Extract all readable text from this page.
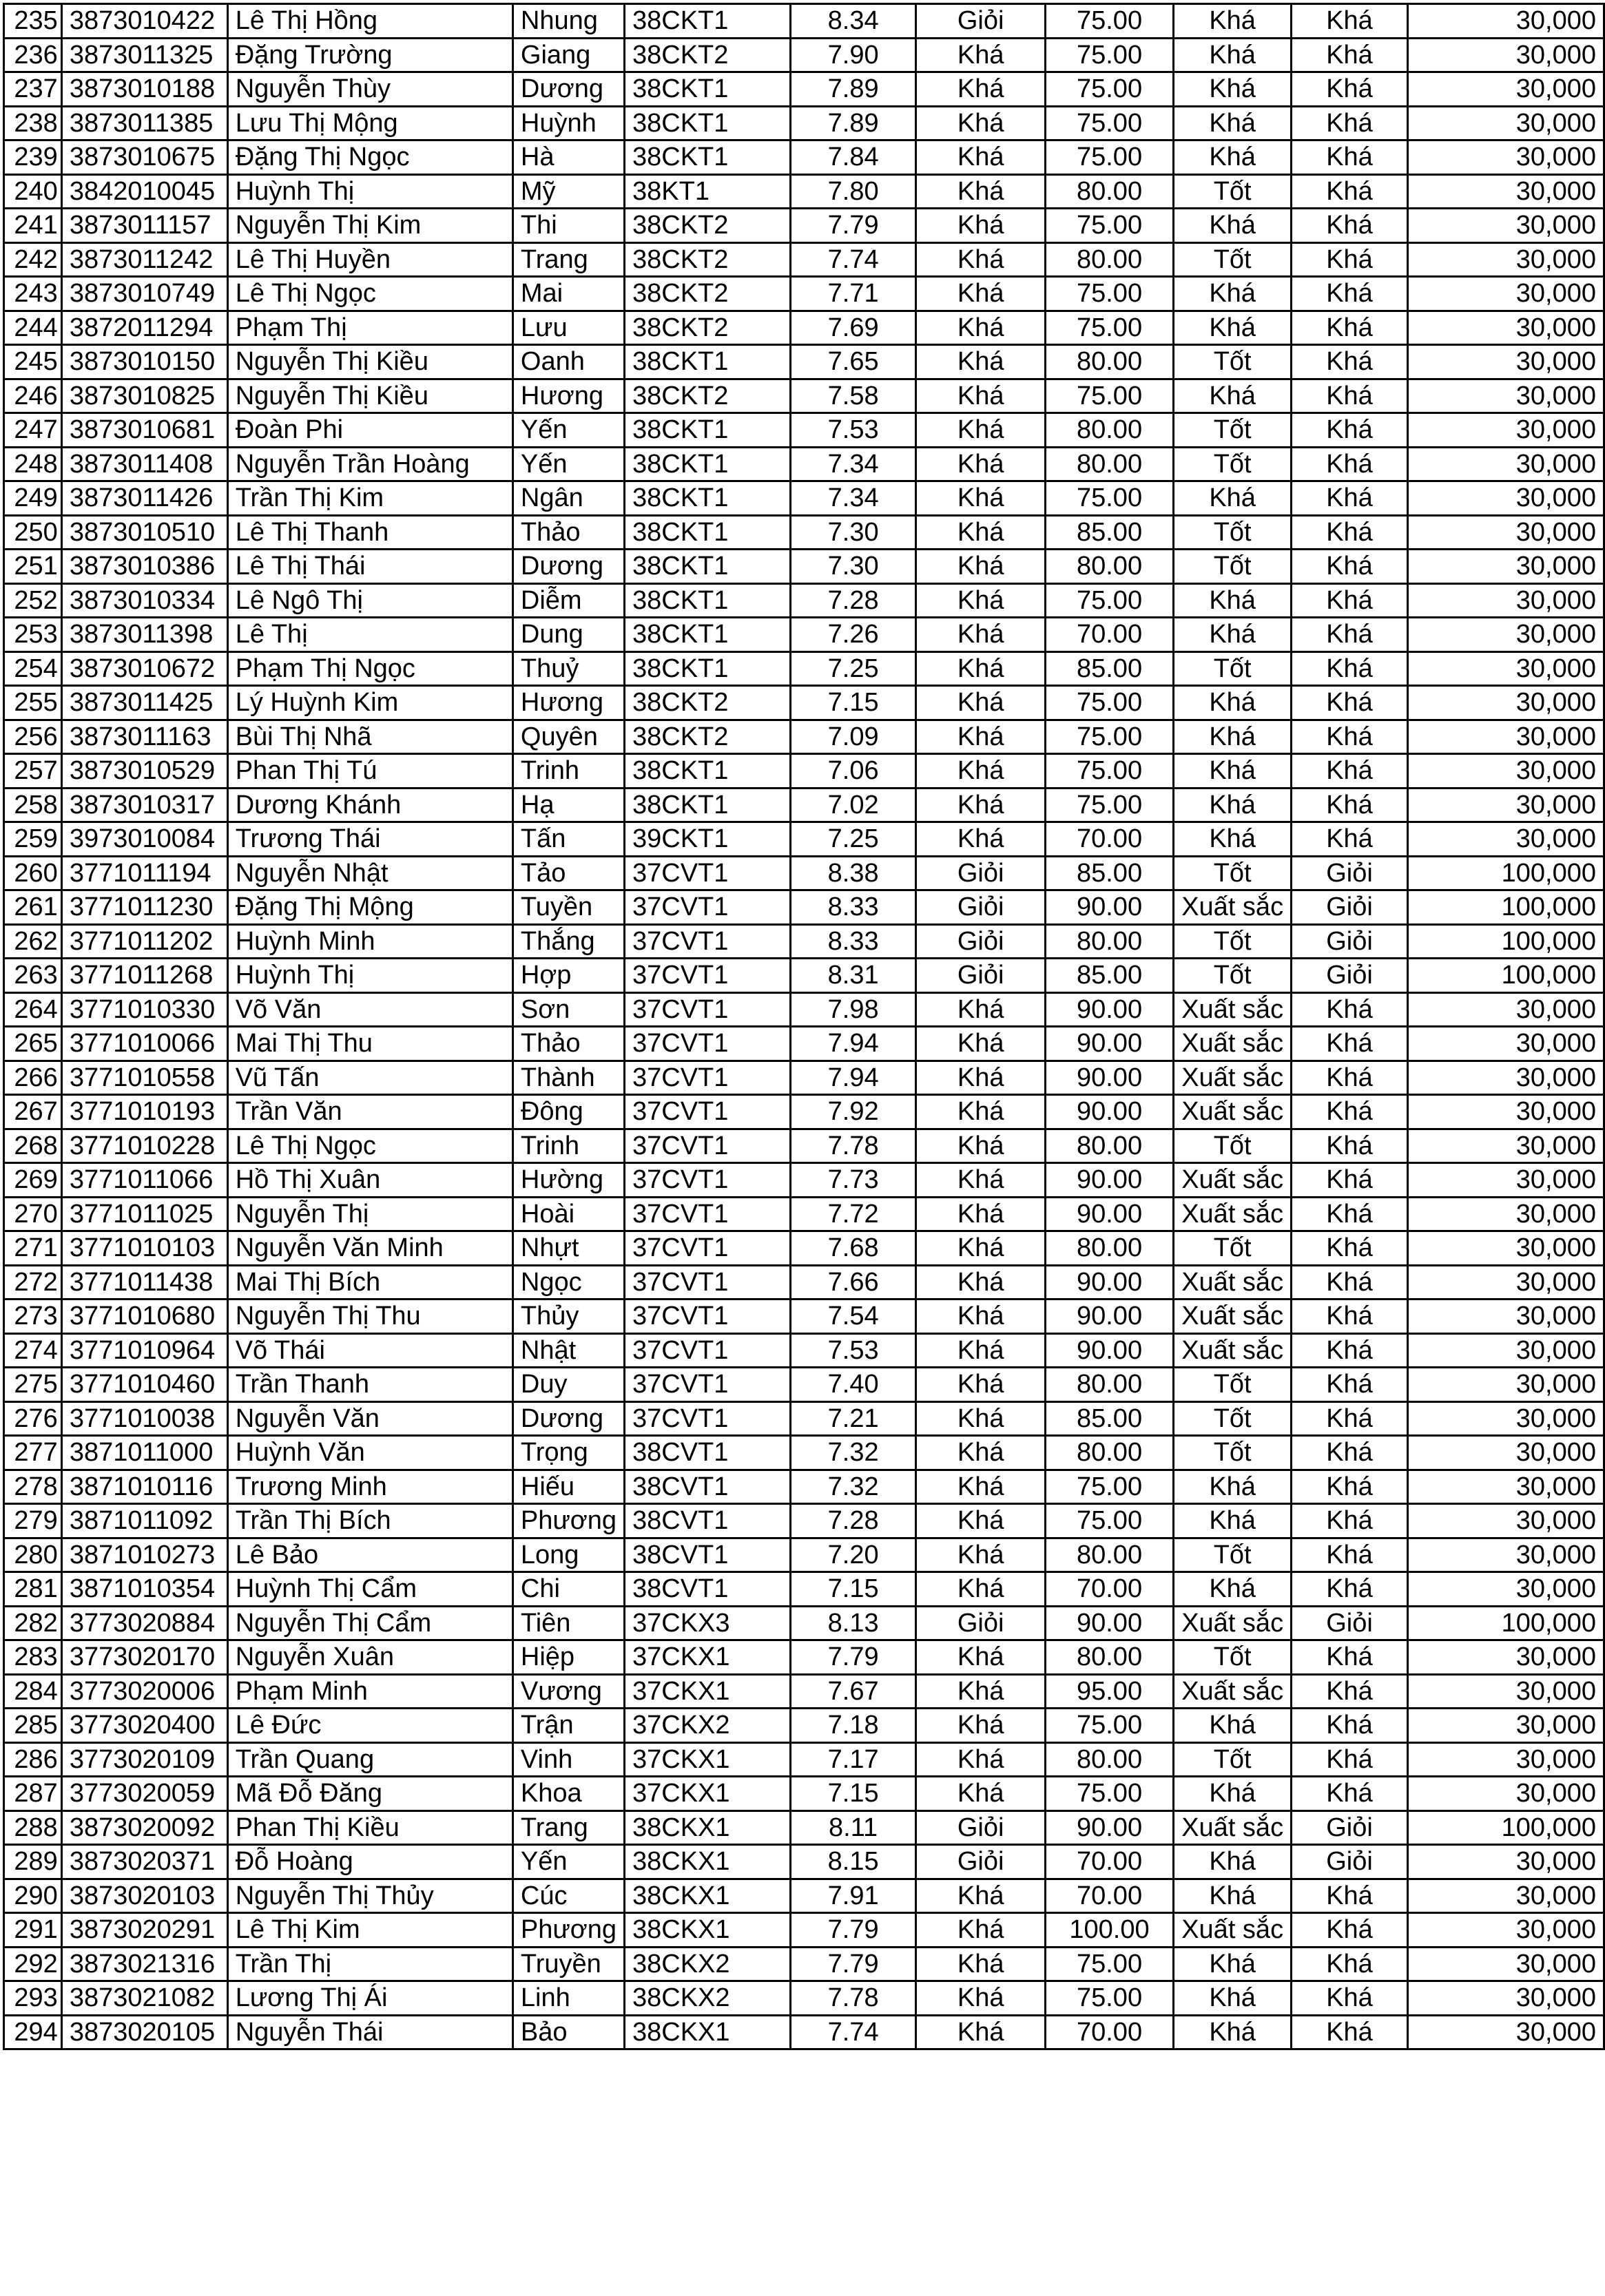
235	3873010422	Lê Thị Hồng	Nhung	38CKT1	8.34	Giỏi	75.00	Khá	Khá	30,000
236	3873011325	Đặng Trường	Giang	38CKT2	7.90	Khá	75.00	Khá	Khá	30,000
237	3873010188	Nguyễn Thùy	Dương	38CKT1	7.89	Khá	75.00	Khá	Khá	30,000
238	3873011385	Lưu Thị Mộng	Huỳnh	38CKT1	7.89	Khá	75.00	Khá	Khá	30,000
239	3873010675	Đặng Thị Ngọc	Hà	38CKT1	7.84	Khá	75.00	Khá	Khá	30,000
240	3842010045	Huỳnh Thị	Mỹ	38KT1	7.80	Khá	80.00	Tốt	Khá	30,000
241	3873011157	Nguyễn Thị Kim	Thi	38CKT2	7.79	Khá	75.00	Khá	Khá	30,000
242	3873011242	Lê Thị Huyền	Trang	38CKT2	7.74	Khá	80.00	Tốt	Khá	30,000
243	3873010749	Lê Thị Ngọc	Mai	38CKT2	7.71	Khá	75.00	Khá	Khá	30,000
244	3872011294	Phạm Thị	Lưu	38CKT2	7.69	Khá	75.00	Khá	Khá	30,000
245	3873010150	Nguyễn Thị Kiều	Oanh	38CKT1	7.65	Khá	80.00	Tốt	Khá	30,000
246	3873010825	Nguyễn Thị Kiều	Hương	38CKT2	7.58	Khá	75.00	Khá	Khá	30,000
247	3873010681	Đoàn Phi	Yến	38CKT1	7.53	Khá	80.00	Tốt	Khá	30,000
248	3873011408	Nguyễn Trần Hoàng	Yến	38CKT1	7.34	Khá	80.00	Tốt	Khá	30,000
249	3873011426	Trần Thị Kim	Ngân	38CKT1	7.34	Khá	75.00	Khá	Khá	30,000
250	3873010510	Lê Thị Thanh	Thảo	38CKT1	7.30	Khá	85.00	Tốt	Khá	30,000
251	3873010386	Lê Thị Thái	Dương	38CKT1	7.30	Khá	80.00	Tốt	Khá	30,000
252	3873010334	Lê Ngô Thị	Diễm	38CKT1	7.28	Khá	75.00	Khá	Khá	30,000
253	3873011398	Lê Thị	Dung	38CKT1	7.26	Khá	70.00	Khá	Khá	30,000
254	3873010672	Phạm Thị Ngọc	Thuỷ	38CKT1	7.25	Khá	85.00	Tốt	Khá	30,000
255	3873011425	Lý Huỳnh Kim	Hương	38CKT2	7.15	Khá	75.00	Khá	Khá	30,000
256	3873011163	Bùi Thị Nhã	Quyên	38CKT2	7.09	Khá	75.00	Khá	Khá	30,000
257	3873010529	Phan Thị Tú	Trinh	38CKT1	7.06	Khá	75.00	Khá	Khá	30,000
258	3873010317	Dương Khánh	Hạ	38CKT1	7.02	Khá	75.00	Khá	Khá	30,000
259	3973010084	Trương Thái	Tấn	39CKT1	7.25	Khá	70.00	Khá	Khá	30,000
260	3771011194	Nguyễn Nhật	Tảo	37CVT1	8.38	Giỏi	85.00	Tốt	Giỏi	100,000
261	3771011230	Đặng Thị Mộng	Tuyền	37CVT1	8.33	Giỏi	90.00	Xuất sắc	Giỏi	100,000
262	3771011202	Huỳnh Minh	Thắng	37CVT1	8.33	Giỏi	80.00	Tốt	Giỏi	100,000
263	3771011268	Huỳnh Thị	Hợp	37CVT1	8.31	Giỏi	85.00	Tốt	Giỏi	100,000
264	3771010330	Võ Văn	Sơn	37CVT1	7.98	Khá	90.00	Xuất sắc	Khá	30,000
265	3771010066	Mai Thị Thu	Thảo	37CVT1	7.94	Khá	90.00	Xuất sắc	Khá	30,000
266	3771010558	Vũ Tấn	Thành	37CVT1	7.94	Khá	90.00	Xuất sắc	Khá	30,000
267	3771010193	Trần Văn	Đông	37CVT1	7.92	Khá	90.00	Xuất sắc	Khá	30,000
268	3771010228	Lê Thị Ngọc	Trinh	37CVT1	7.78	Khá	80.00	Tốt	Khá	30,000
269	3771011066	Hồ Thị Xuân	Hường	37CVT1	7.73	Khá	90.00	Xuất sắc	Khá	30,000
270	3771011025	Nguyễn Thị	Hoài	37CVT1	7.72	Khá	90.00	Xuất sắc	Khá	30,000
271	3771010103	Nguyễn Văn Minh	Nhựt	37CVT1	7.68	Khá	80.00	Tốt	Khá	30,000
272	3771011438	Mai Thị Bích	Ngọc	37CVT1	7.66	Khá	90.00	Xuất sắc	Khá	30,000
273	3771010680	Nguyễn Thị Thu	Thủy	37CVT1	7.54	Khá	90.00	Xuất sắc	Khá	30,000
274	3771010964	Võ Thái	Nhật	37CVT1	7.53	Khá	90.00	Xuất sắc	Khá	30,000
275	3771010460	Trần Thanh	Duy	37CVT1	7.40	Khá	80.00	Tốt	Khá	30,000
276	3771010038	Nguyễn Văn	Dương	37CVT1	7.21	Khá	85.00	Tốt	Khá	30,000
277	3871011000	Huỳnh Văn	Trọng	38CVT1	7.32	Khá	80.00	Tốt	Khá	30,000
278	3871010116	Trương Minh	Hiếu	38CVT1	7.32	Khá	75.00	Khá	Khá	30,000
279	3871011092	Trần Thị Bích	Phương	38CVT1	7.28	Khá	75.00	Khá	Khá	30,000
280	3871010273	Lê Bảo	Long	38CVT1	7.20	Khá	80.00	Tốt	Khá	30,000
281	3871010354	Huỳnh Thị Cẩm	Chi	38CVT1	7.15	Khá	70.00	Khá	Khá	30,000
282	3773020884	Nguyễn Thị Cẩm	Tiên	37CKX3	8.13	Giỏi	90.00	Xuất sắc	Giỏi	100,000
283	3773020170	Nguyễn Xuân	Hiệp	37CKX1	7.79	Khá	80.00	Tốt	Khá	30,000
284	3773020006	Phạm Minh	Vương	37CKX1	7.67	Khá	95.00	Xuất sắc	Khá	30,000
285	3773020400	Lê Đức	Trận	37CKX2	7.18	Khá	75.00	Khá	Khá	30,000
286	3773020109	Trần Quang	Vinh	37CKX1	7.17	Khá	80.00	Tốt	Khá	30,000
287	3773020059	Mã Đỗ Đăng	Khoa	37CKX1	7.15	Khá	75.00	Khá	Khá	30,000
288	3873020092	Phan Thị Kiều	Trang	38CKX1	8.11	Giỏi	90.00	Xuất sắc	Giỏi	100,000
289	3873020371	Đỗ Hoàng	Yến	38CKX1	8.15	Giỏi	70.00	Khá	Giỏi	30,000
290	3873020103	Nguyễn Thị Thủy	Cúc	38CKX1	7.91	Khá	70.00	Khá	Khá	30,000
291	3873020291	Lê Thị Kim	Phương	38CKX1	7.79	Khá	100.00	Xuất sắc	Khá	30,000
292	3873021316	Trần Thị	Truyền	38CKX2	7.79	Khá	75.00	Khá	Khá	30,000
293	3873021082	Lương Thị Ái	Linh	38CKX2	7.78	Khá	75.00	Khá	Khá	30,000
294	3873020105	Nguyễn Thái	Bảo	38CKX1	7.74	Khá	70.00	Khá	Khá	30,000
